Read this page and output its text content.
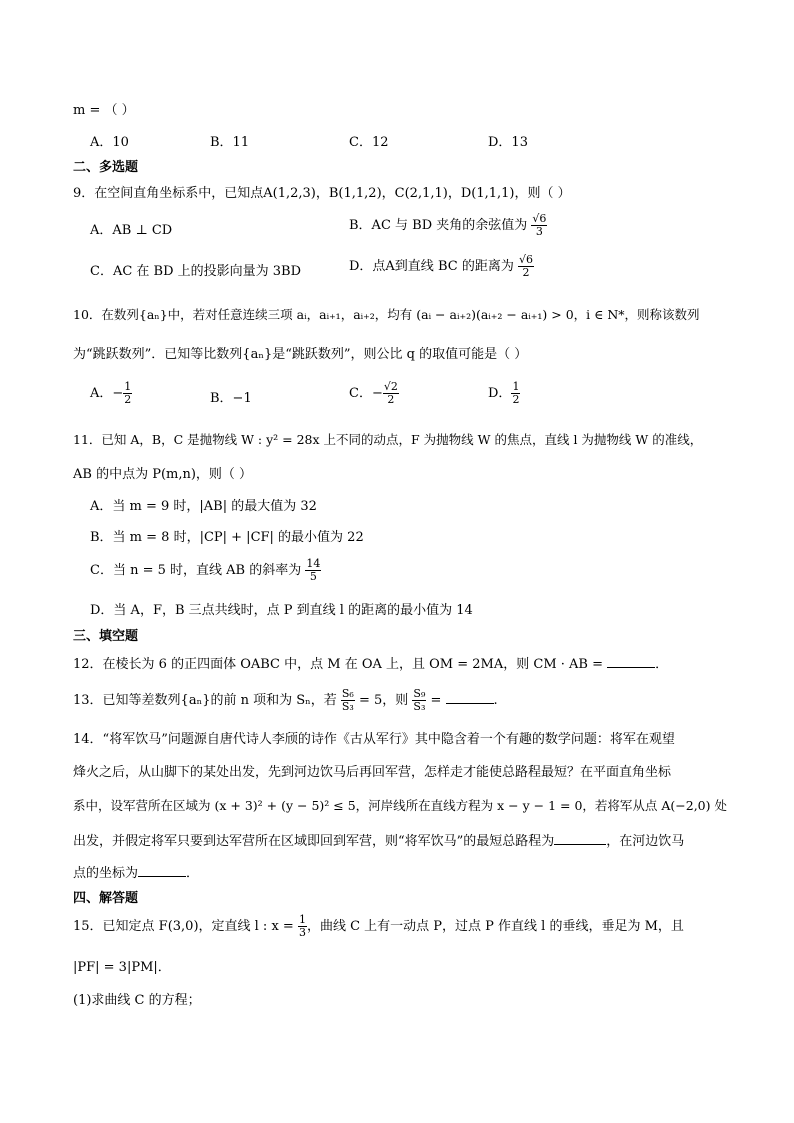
m = （ ）
A．10	B．11	C．12	D．13
二、多选题
9．在空间直角坐标系中，已知点A(1,2,3)，B(1,1,2)，C(2,1,1)，D(1,1,1)，则（ ）
A．AB ⊥ CD	B．AC 与 BD 夹角的余弦值为 $\frac{√6}{3}$
C．AC 在 BD 上的投影向量为 3BD	D．点A到直线 BC 的距离为 $\frac{√6}{2}$
10．在数列{aₙ}中，若对任意连续三项 aᵢ，aᵢ₊₁，aᵢ₊₂，均有 (aᵢ − aᵢ₊₂)(aᵢ₊₂ − aᵢ₊₁) > 0，i ∈ N*，则称该数列
为“跳跃数列”．已知等比数列{aₙ}是“跳跃数列”，则公比 q 的取值可能是（ ）
A．− $\frac{1}{2}$	B．−1	C．− $\frac{√2}{2}$	D． $\frac{1}{2}$
11．已知 A，B，C 是抛物线 W : y² = 28x 上不同的动点，F 为抛物线 W 的焦点，直线 l 为抛物线 W 的准线，
AB 的中点为 P(m,n)，则（ ）
A．当 m = 9 时，|AB| 的最大值为 32
B．当 m = 8 时，|CP| + |CF| 的最小值为 22
C．当 n = 5 时，直线 AB 的斜率为 $\frac{14}{5}$
D．当 A，F，B 三点共线时，点 P 到直线 l 的距离的最小值为 14
三、填空题
12．在棱长为 6 的正四面体 OABC 中，点 M 在 OA 上，且 OM = 2MA，则 CM · AB =	．
13．已知等差数列{aₙ}的前 n 项和为 Sₙ，若 $\frac{\text{S₆}}{\text{S₃}} = 5$，则 $\frac{\text{S₉}}{\text{S₃}}$ =	.
14．“将军饮马”问题源自唐代诗人李颀的诗作《古从军行》其中隐含着一个有趣的数学问题：将军在观望
烽火之后，从山脚下的某处出发，先到河边饮马后再回军营，怎样走才能使总路程最短？在平面直角坐标
系中，设军营所在区域为 (x + 3)² + (y − 5)² ≤ 5，河岸线所在直线方程为 x − y − 1 = 0，若将军从点 A(−2,0) 处
出发，并假定将军只要到达军营所在区域即回到军营，则“将军饮马”的最短总路程为	，在河边饮马
点的坐标为	．
四、解答题
15．已知定点 F(3,0)，定直线 l : $x = \frac{1}{3}$ ，曲线 C 上有一动点 P，过点 P 作直线 l 的垂线，垂足为 M，且
|PF| = 3|PM|．
(1)求曲线 C 的方程；
